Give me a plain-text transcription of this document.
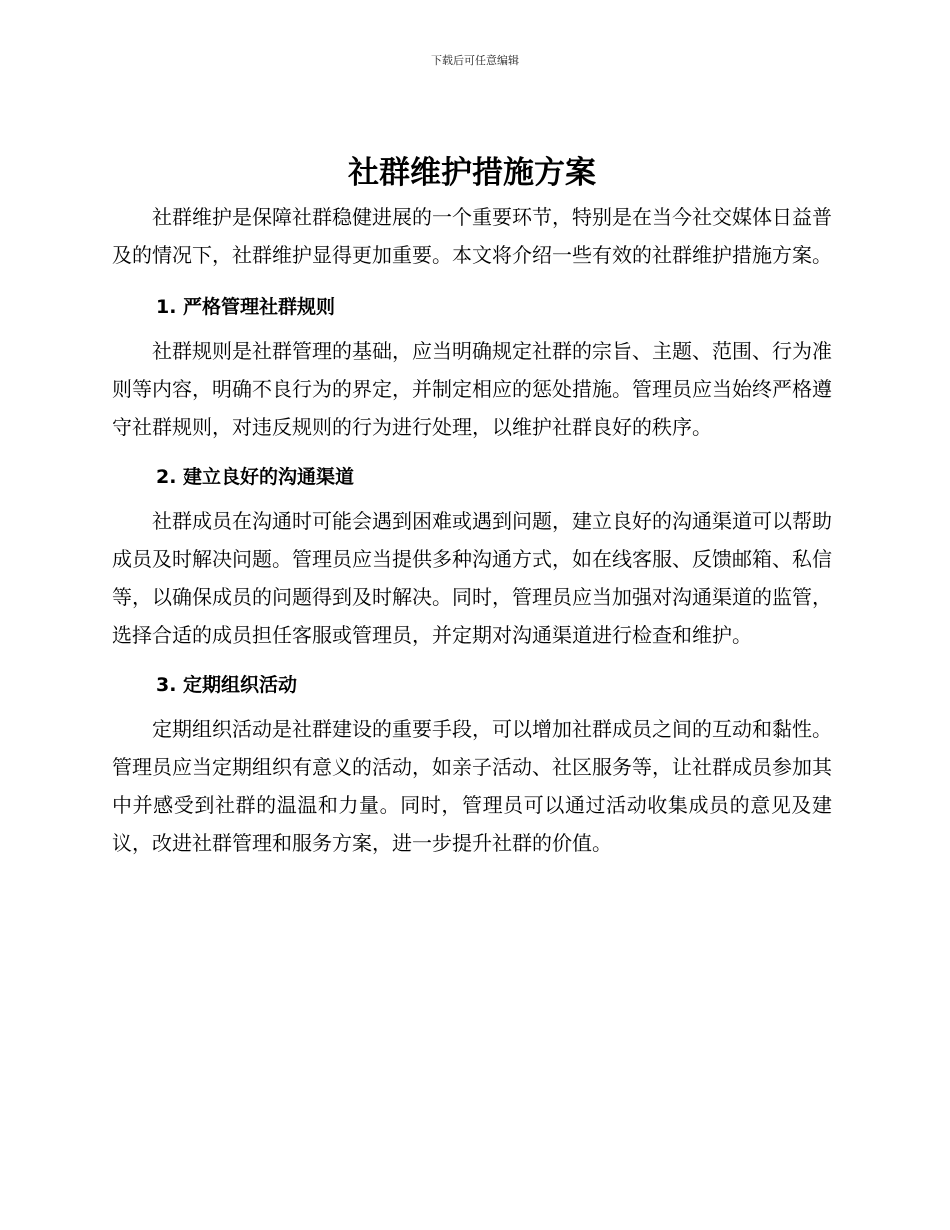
下载后可任意编辑
社群维护措施方案

社群维护是保障社群稳健进展的一个重要环节，特别是在当今社交媒体日益普及的情况下，社群维护显得更加重要。本文将介绍一些有效的社群维护措施方案。

1. 严格管理社群规则

社群规则是社群管理的基础，应当明确规定社群的宗旨、主题、范围、行为准则等内容，明确不良行为的界定，并制定相应的惩处措施。管理员应当始终严格遵守社群规则，对违反规则的行为进行处理，以维护社群良好的秩序。

2. 建立良好的沟通渠道

社群成员在沟通时可能会遇到困难或遇到问题，建立良好的沟通渠道可以帮助成员及时解决问题。管理员应当提供多种沟通方式，如在线客服、反馈邮箱、私信等，以确保成员的问题得到及时解决。同时，管理员应当加强对沟通渠道的监管，选择合适的成员担任客服或管理员，并定期对沟通渠道进行检查和维护。

3. 定期组织活动

定期组织活动是社群建设的重要手段，可以增加社群成员之间的互动和黏性。管理员应当定期组织有意义的活动，如亲子活动、社区服务等，让社群成员参加其中并感受到社群的温温和力量。同时，管理员可以通过活动收集成员的意见及建议，改进社群管理和服务方案，进一步提升社群的价值。
